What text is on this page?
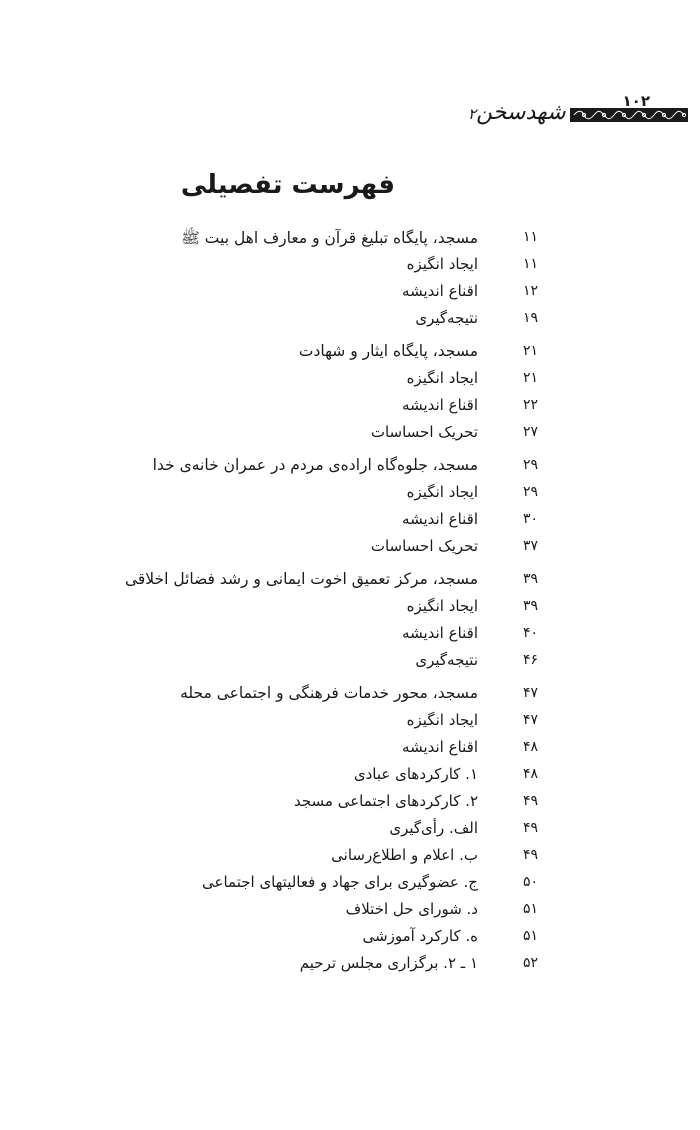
شهدسخن۲
۱۰۲
فهرست تفصیلی
۱۱
مسجد، پایگاه تبلیغ قرآن و معارف اهل بیت ﷺ
۱۱
ایجاد انگیزه
۱۲
اقناع اندیشه
۱۹
نتیجه‌گیری
۲۱
مسجد، پایگاه ایثار و شهادت
۲۱
ایجاد انگیزه
۲۲
اقناع اندیشه
۲۷
تحریک احساسات
۲۹
مسجد، جلوه‌گاه اراده‌ی مردم در عمران خانه‌ی خدا
۲۹
ایجاد انگیزه
۳۰
اقناع اندیشه
۳۷
تحریک احساسات
۳۹
مسجد، مرکز تعمیق اخوت ایمانی و رشد فضائل اخلاقی
۳۹
ایجاد انگیزه
۴۰
اقناع اندیشه
۴۶
نتیجه‌گیری
۴۷
مسجد، محور خدمات فرهنگی و اجتماعی محله
۴۷
ایجاد انگیزه
۴۸
اقناع اندیشه
۴۸
۱. کارکردهای عبادی
۴۹
۲. کارکردهای اجتماعی مسجد
۴۹
الف. رأی‌گیری
۴۹
ب. اعلام و اطلاع‌رسانی
۵۰
ج. عضوگیری برای جهاد و فعالیتهای اجتماعی
۵۱
د. شورای حل اختلاف
۵۱
ه. کارکرد آموزشی
۵۲
۱ ـ ۲. برگزاری مجلس ترحیم
